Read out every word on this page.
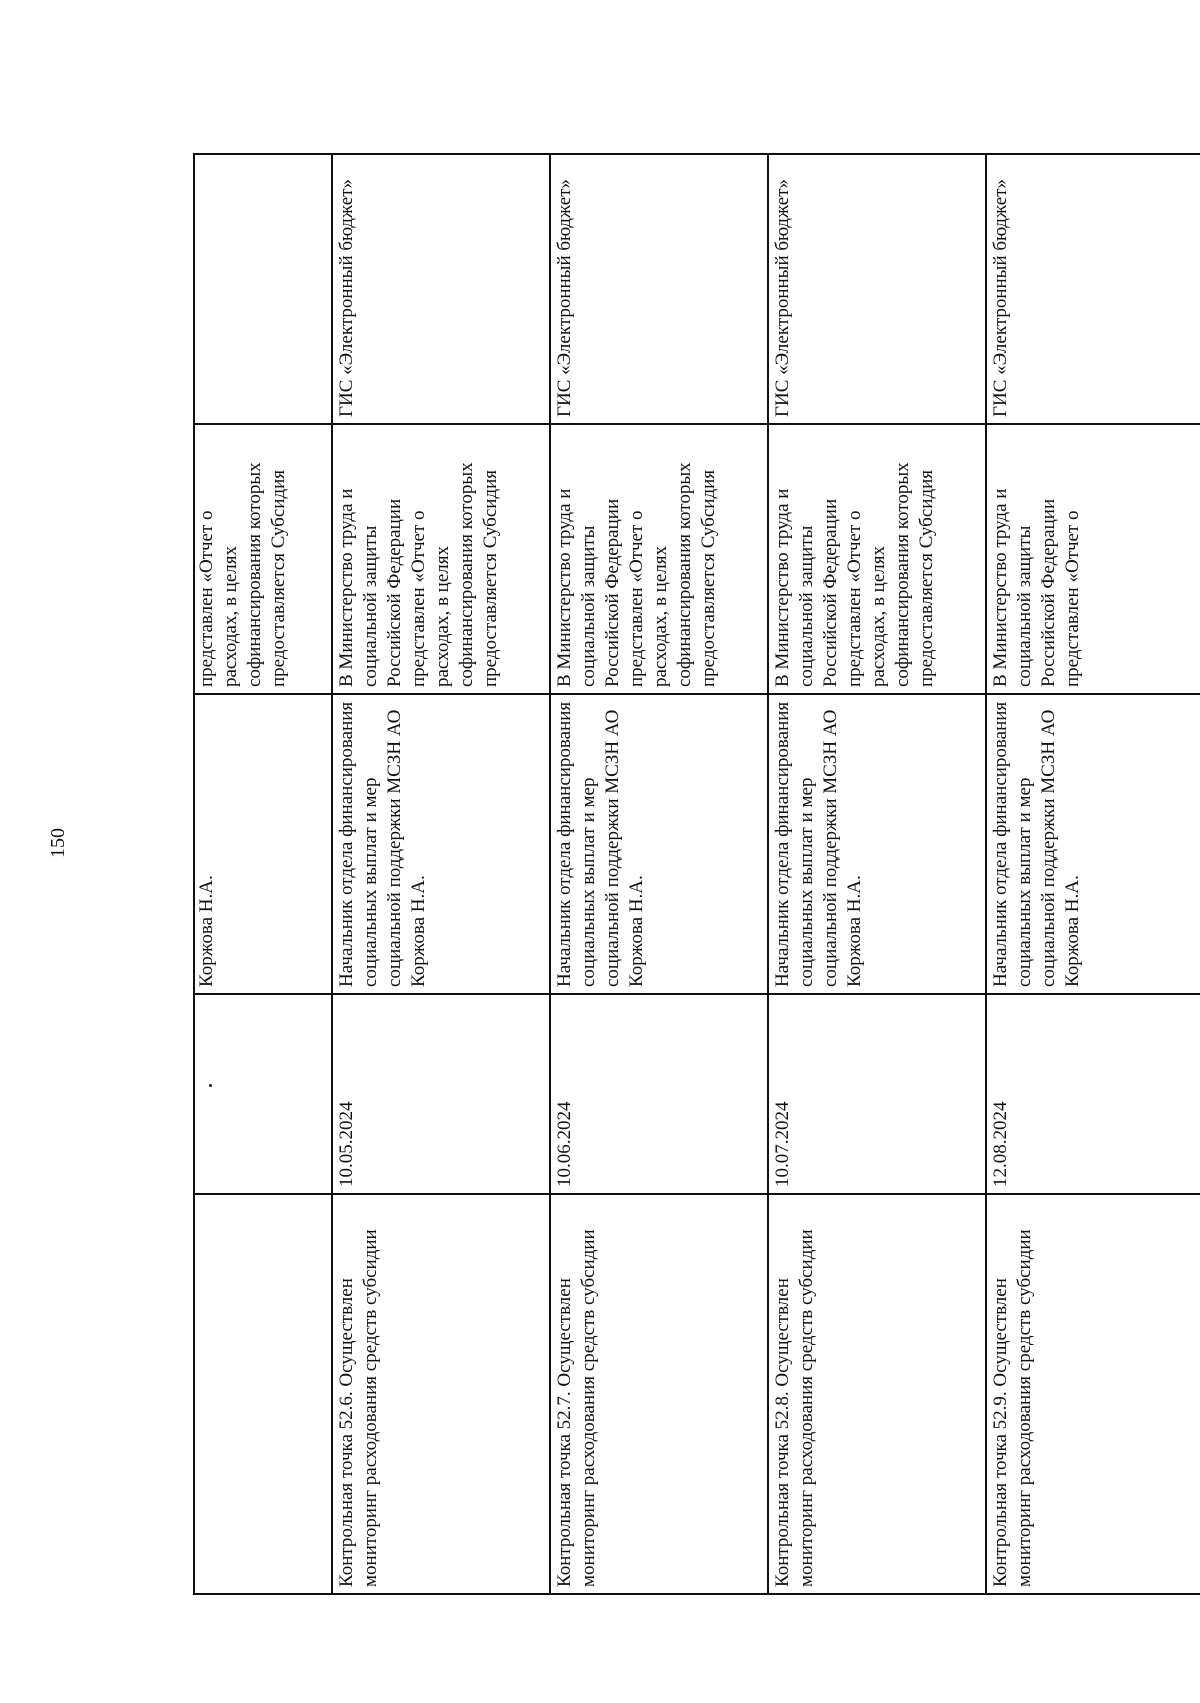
150
		Коржова Н.А.	представлен «Отчет о расходах, в целях софинансирования которых предоставляется Субсидия	
Контрольная точка 52.6. Осуществлен мониторинг расходования средств субсидии	10.05.2024	Начальник отдела финансирования социальных выплат и мер социальной поддержки МСЗН АО Коржова Н.А.	В Министерство труда и социальной защиты Российской Федерации представлен «Отчет о расходах, в целях софинансирования которых предоставляется Субсидия	ГИС «Электронный бюджет»
Контрольная точка 52.7. Осуществлен мониторинг расходования средств субсидии	10.06.2024	Начальник отдела финансирования социальных выплат и мер социальной поддержки МСЗН АО Коржова Н.А.	В Министерство труда и социальной защиты Российской Федерации представлен «Отчет о расходах, в целях софинансирования которых предоставляется Субсидия	ГИС «Электронный бюджет»
Контрольная точка 52.8. Осуществлен мониторинг расходования средств субсидии	10.07.2024	Начальник отдела финансирования социальных выплат и мер социальной поддержки МСЗН АО Коржова Н.А.	В Министерство труда и социальной защиты Российской Федерации представлен «Отчет о расходах, в целях софинансирования которых предоставляется Субсидия	ГИС «Электронный бюджет»
Контрольная точка 52.9. Осуществлен мониторинг расходования средств субсидии	12.08.2024	Начальник отдела финансирования социальных выплат и мер социальной поддержки МСЗН АО Коржова Н.А.	В Министерство труда и социальной защиты Российской Федерации представлен «Отчет о	ГИС «Электронный бюджет»
